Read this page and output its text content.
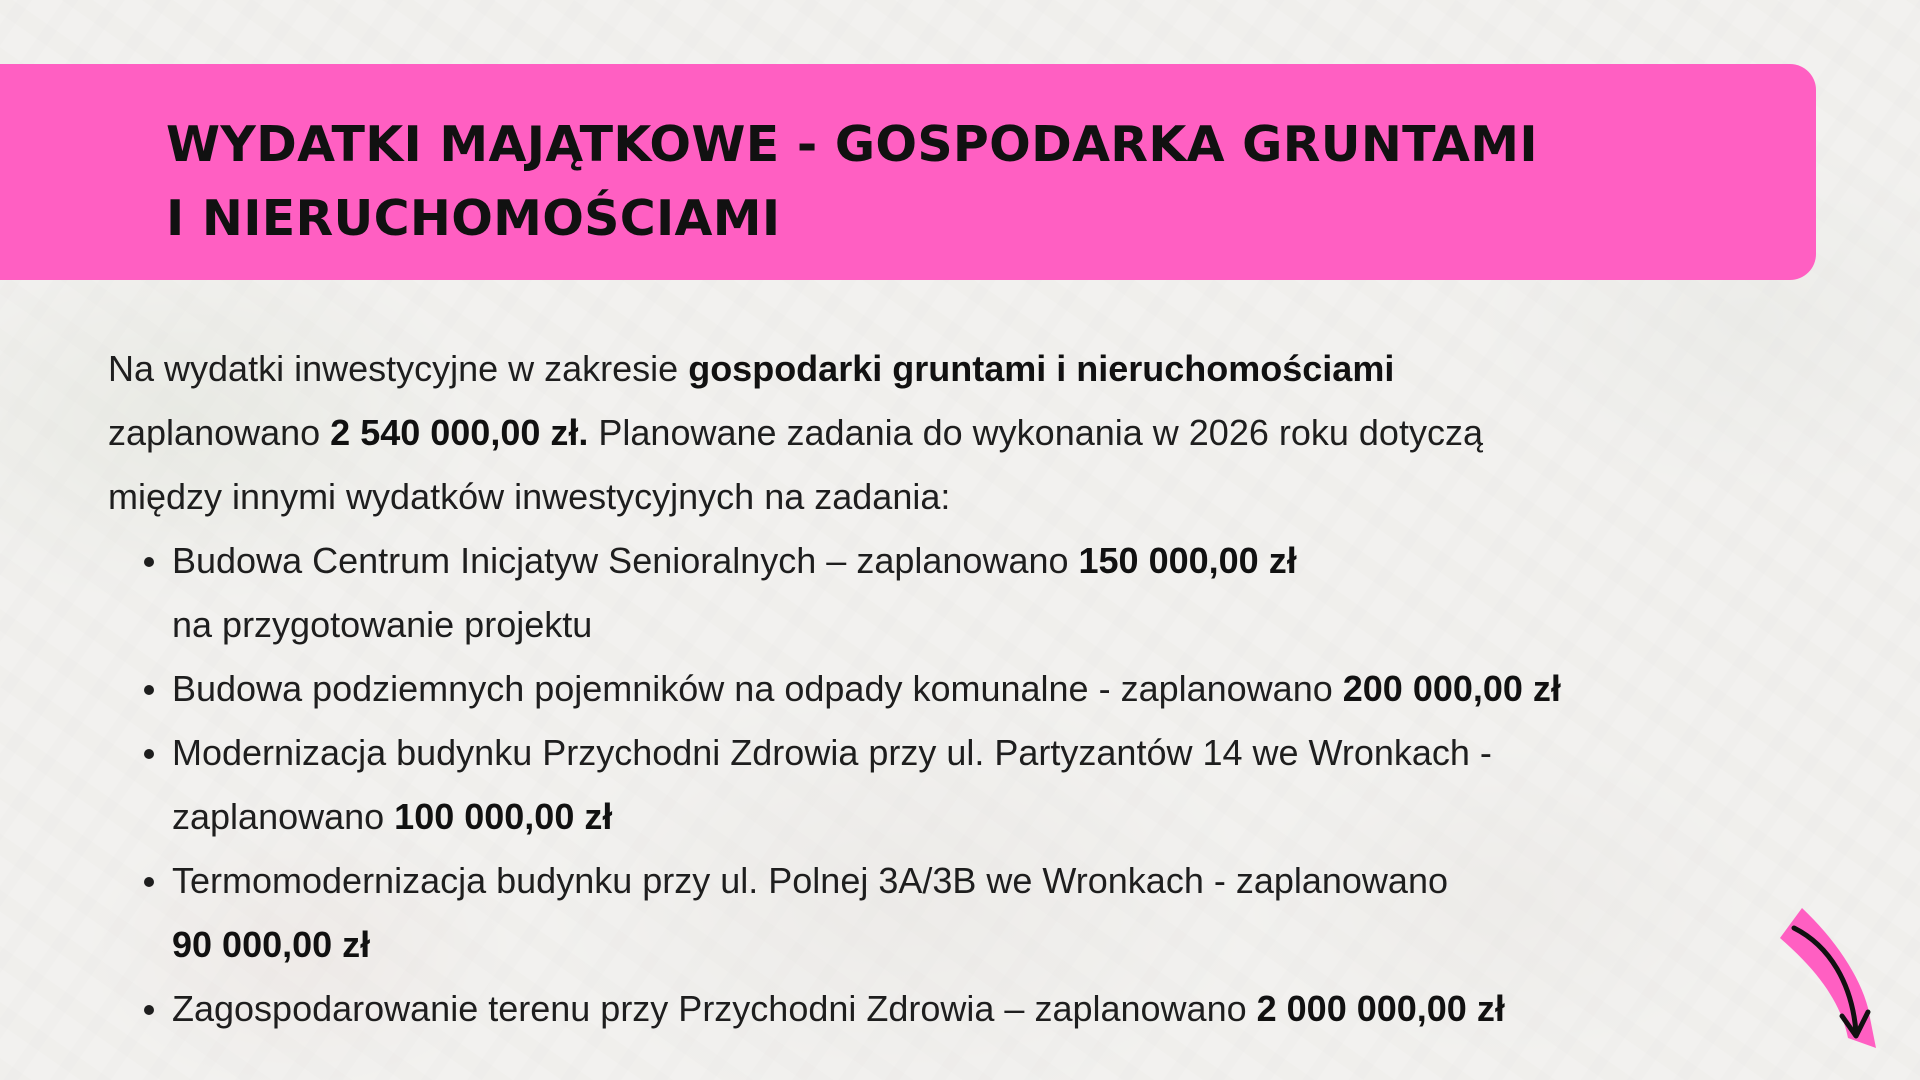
WYDATKI MAJĄTKOWE - GOSPODARKA GRUNTAMI
I NIERUCHOMOŚCIAMI

Na wydatki inwestycyjne w zakresie gospodarki gruntami i nieruchomościami
zaplanowano 2 540 000,00 zł. Planowane zadania do wykonania w 2026 roku dotyczą
między innymi wydatków inwestycyjnych na zadania:

Budowa Centrum Inicjatyw Senioralnych – zaplanowano 150 000,00 zł
na przygotowanie projektu
Budowa podziemnych pojemników na odpady komunalne - zaplanowano 200 000,00 zł
Modernizacja budynku Przychodni Zdrowia przy ul. Partyzantów 14 we Wronkach -
zaplanowano 100 000,00 zł
Termomodernizacja budynku przy ul. Polnej 3A/3B we Wronkach - zaplanowano
90 000,00 zł
Zagospodarowanie terenu przy Przychodni Zdrowia – zaplanowano 2 000 000,00 zł
